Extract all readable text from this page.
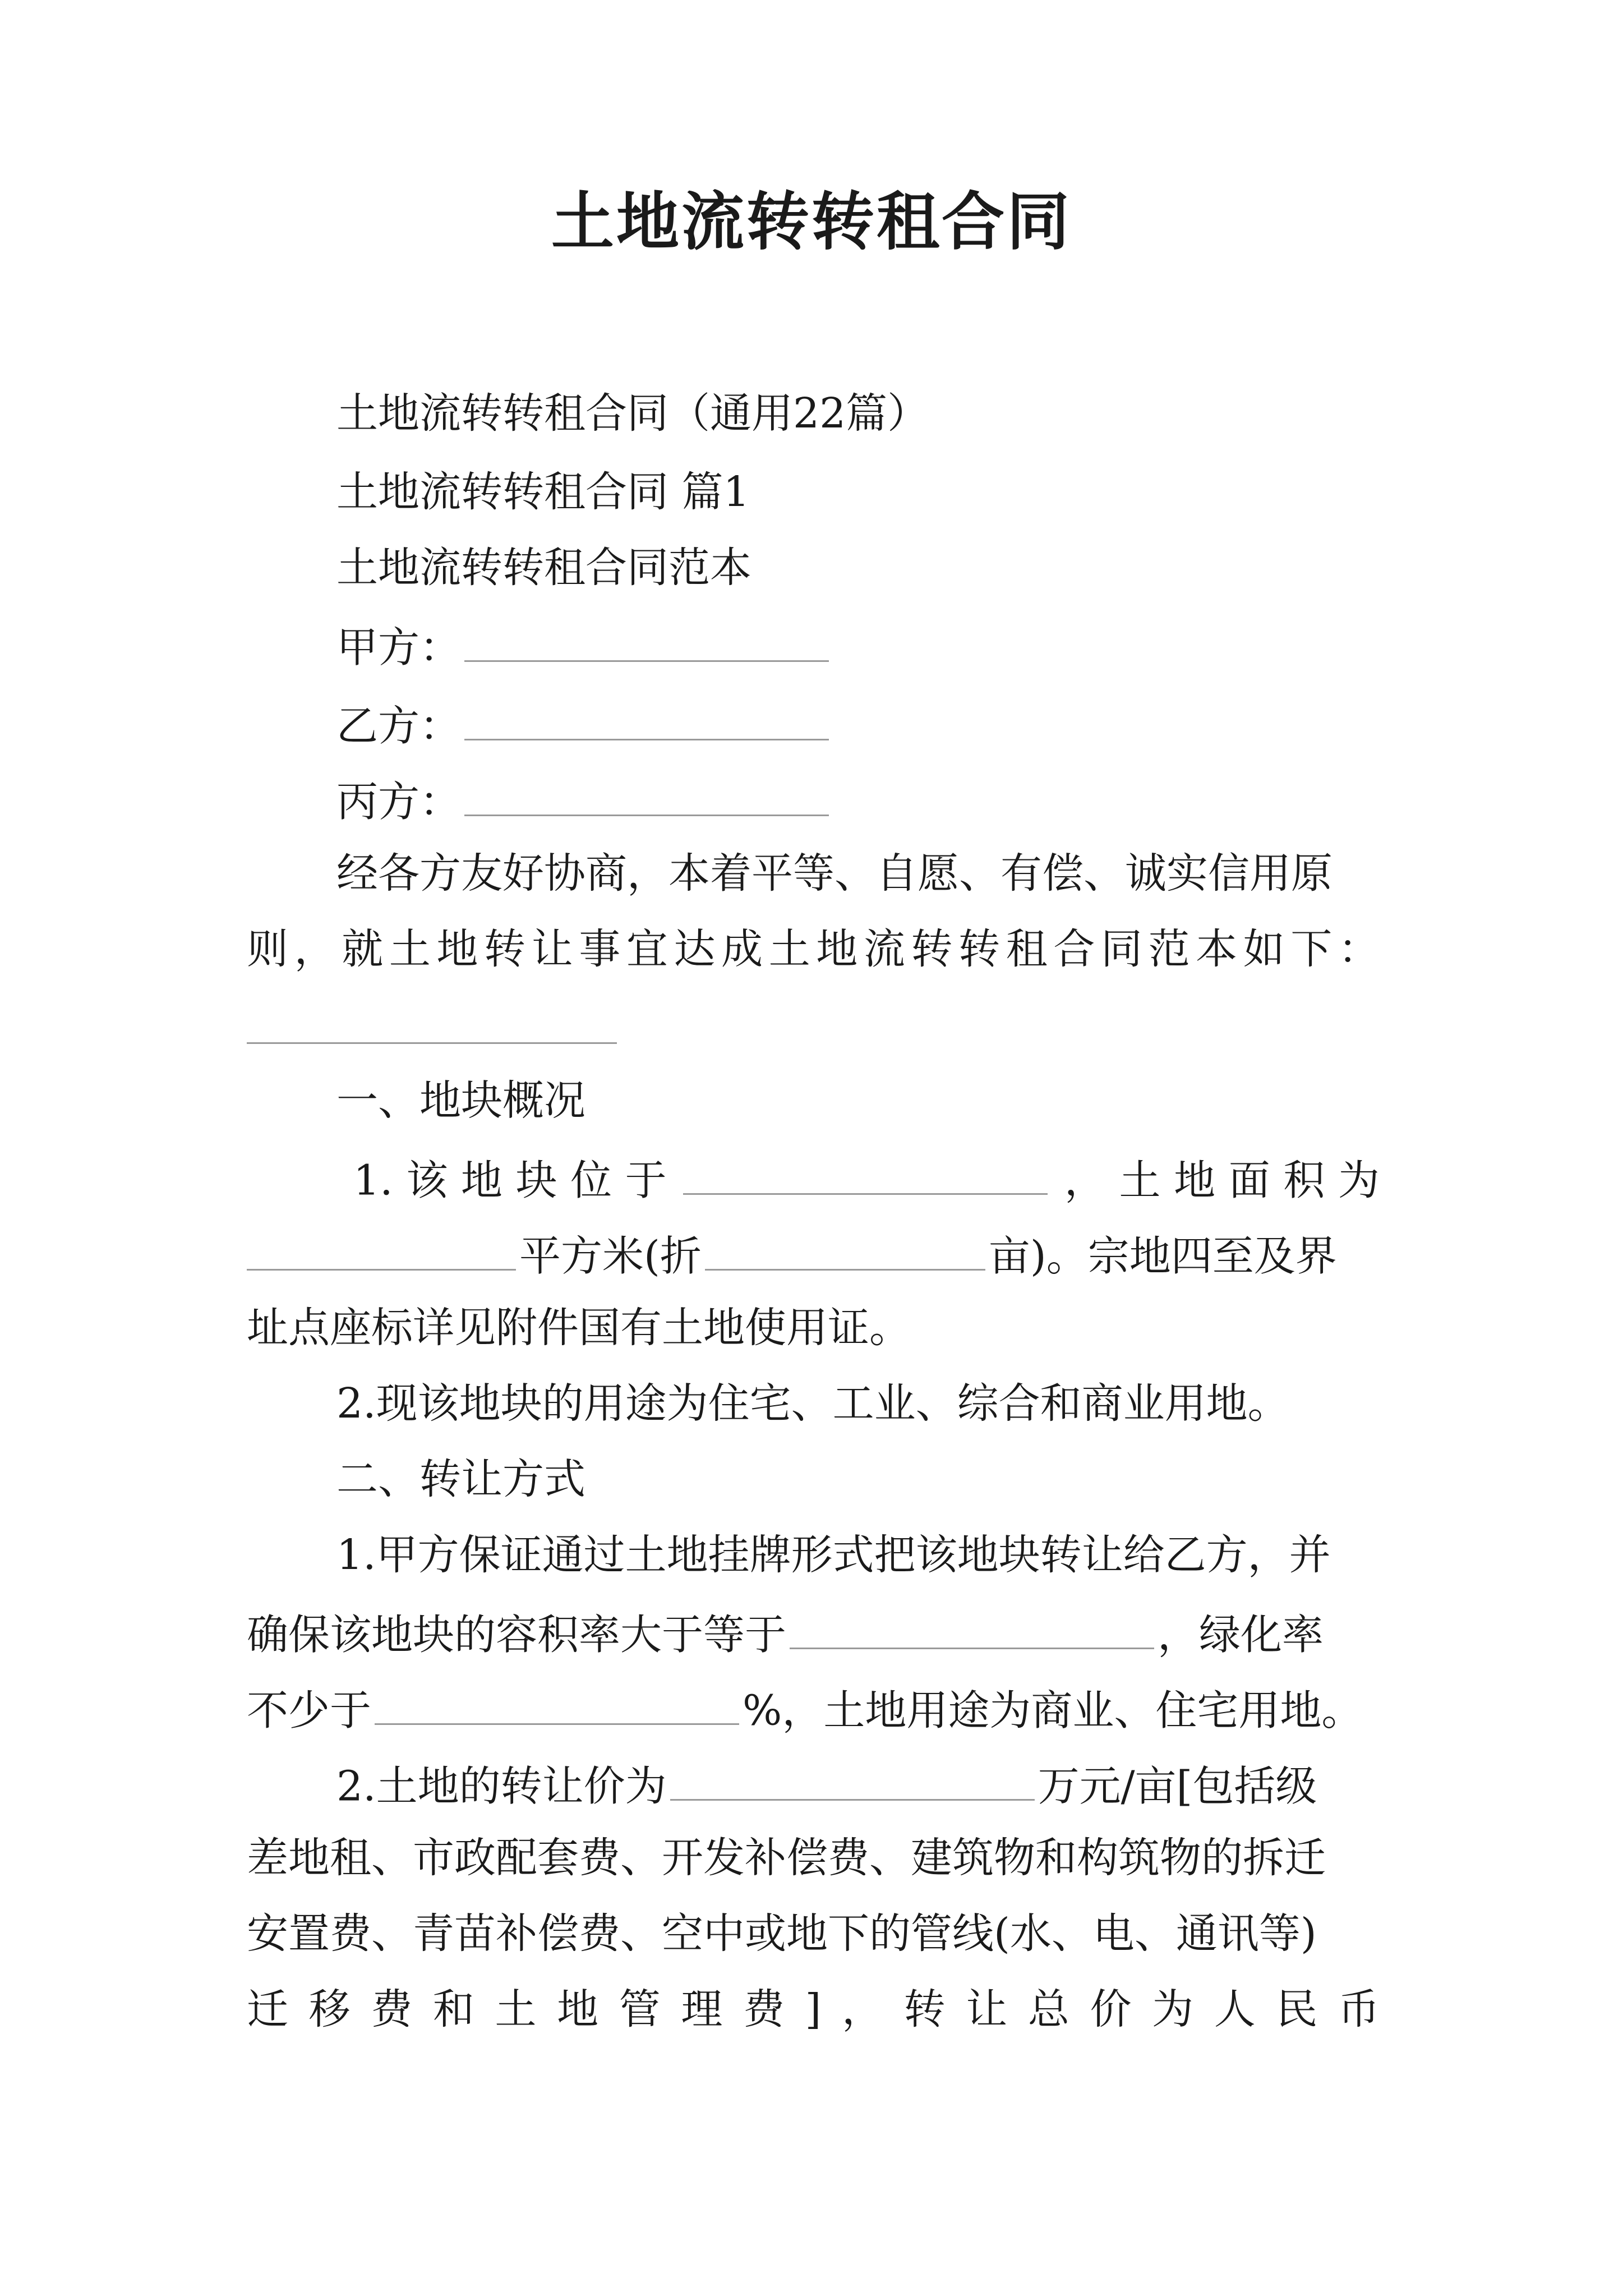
土地流转转租合同
土地流转转租合同（通用22篇）
土地流转转租合同 篇1
土地流转转租合同范本
甲方：
乙方：
丙方：
经各方友好协商，本着平等、自愿、有偿、诚实信用原
则，就土地转让事宜达成土地流转转租合同范本如下：
一、地块概况
1.该地块位于	，土地面积为
平方米(折	亩)。宗地四至及界
址点座标详见附件国有土地使用证。
2.现该地块的用途为住宅、工业、综合和商业用地。
二、转让方式
1.甲方保证通过土地挂牌形式把该地块转让给乙方，并
确保该地块的容积率大于等于	，绿化率
不少于	%，土地用途为商业、住宅用地。
2.土地的转让价为	万元/亩[包括级
差地租、市政配套费、开发补偿费、建筑物和构筑物的拆迁
安置费、青苗补偿费、空中或地下的管线(水、电、通讯等)
迁移费和土地管理费]，转让总价为人民币
